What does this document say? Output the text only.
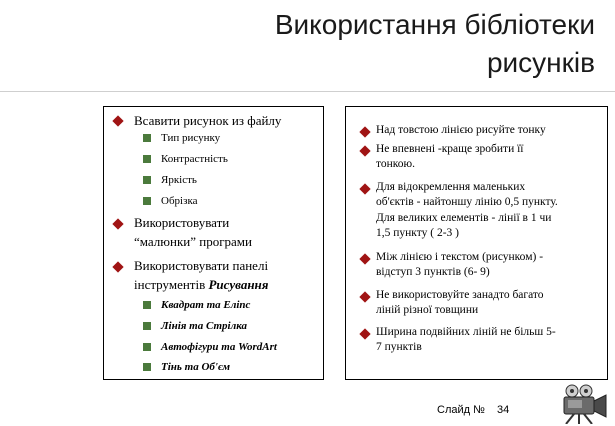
Використання бібліотеки
рисунків
Всавити рисунок из файлу
Тип рисунку
Контрастність
Яркість
Обрізка
Використовувати
“малюнки” програми
Використовувати панелі
інструментів Рисування
Квадрат та Еліпс
Лінія та Стрілка
Автофігури та WordArt
Тінь та Об'єм
Над товстою лінією рисуйте тонку
Не впевнені -краще зробити її
тонкою.
Для відокремлення маленьких
об'єктів - найтоншу лінію 0,5 пункту.
Для великих елементів - лінії в 1 чи
1,5 пункту ( 2-3 )
Між лінією і текстом (рисунком) -
відступ 3 пунктів (6- 9)
Не використовуйте занадто багато
ліній різної товщини
Ширина подвійних ліній не більш 5-
7 пунктів
Слайд № 34
